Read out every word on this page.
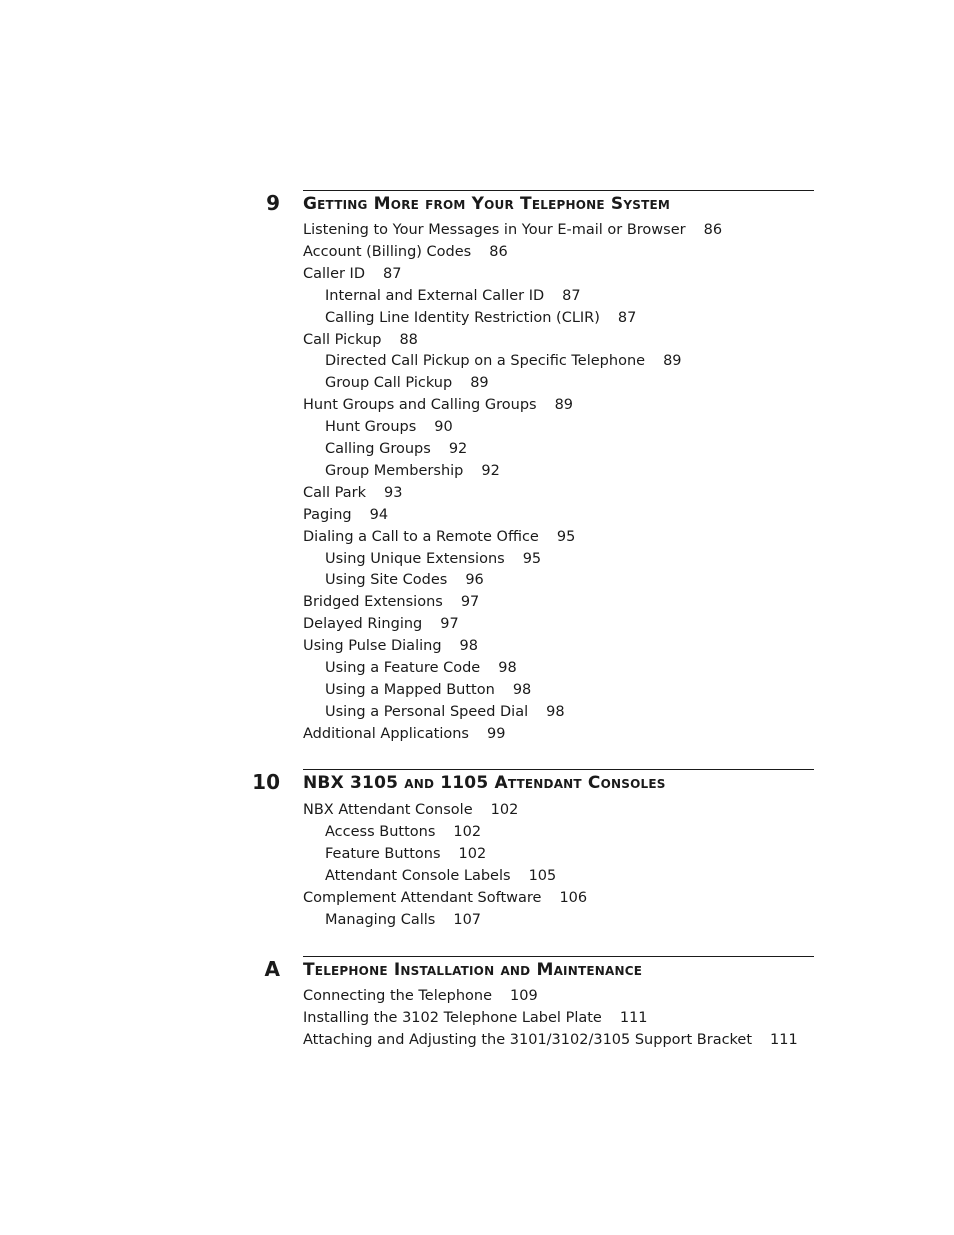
9 Getting More from Your Telephone System
Listening to Your Messages in Your E-mail or Browser 86
Account (Billing) Codes 86
Caller ID 87
Internal and External Caller ID 87
Calling Line Identity Restriction (CLIR) 87
Call Pickup 88
Directed Call Pickup on a Specific Telephone 89
Group Call Pickup 89
Hunt Groups and Calling Groups 89
Hunt Groups 90
Calling Groups 92
Group Membership 92
Call Park 93
Paging 94
Dialing a Call to a Remote Office 95
Using Unique Extensions 95
Using Site Codes 96
Bridged Extensions 97
Delayed Ringing 97
Using Pulse Dialing 98
Using a Feature Code 98
Using a Mapped Button 98
Using a Personal Speed Dial 98
Additional Applications 99
10 NBX 3105 and 1105 Attendant Consoles
NBX Attendant Console 102
Access Buttons 102
Feature Buttons 102
Attendant Console Labels 105
Complement Attendant Software 106
Managing Calls 107
A Telephone Installation and Maintenance
Connecting the Telephone 109
Installing the 3102 Telephone Label Plate 111
Attaching and Adjusting the 3101/3102/3105 Support Bracket 111
